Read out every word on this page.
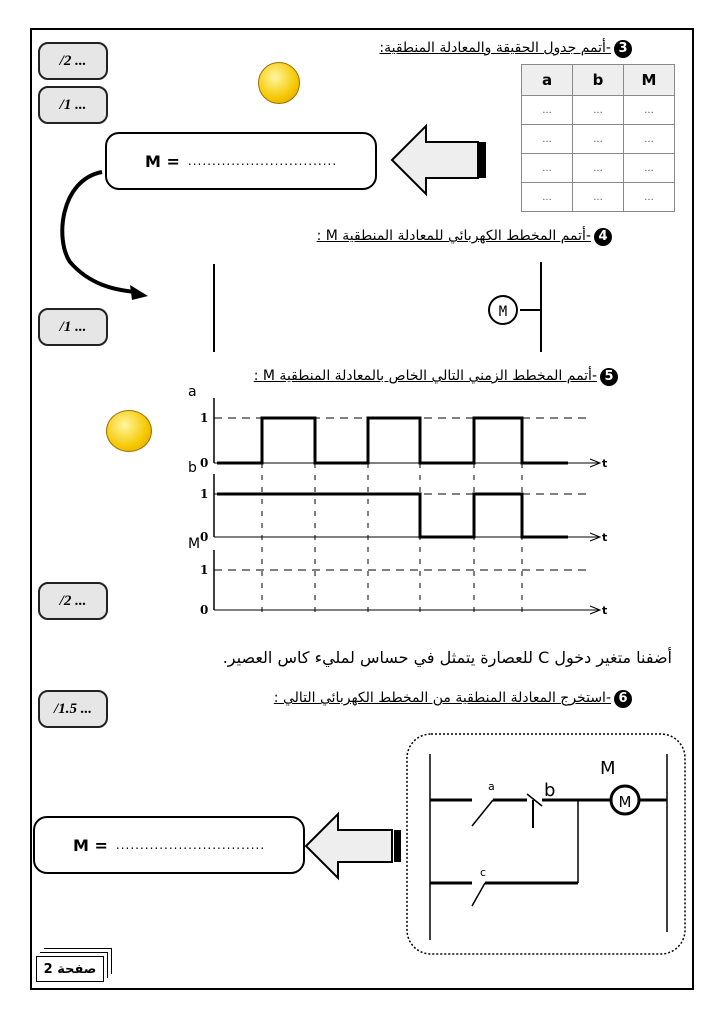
/2 ...
/1 ...
/1 ...
/2 ...
/1.5 ...
3-أتمم جدول الحقيقة والمعادلة المنطقية:
a	b	M
...	...	...
...	...	...
...	...	...
...	...	...
M = ...............................
M
a
1
0	t
b
1
0	t
M
1
0	t
a	b
c
M
M
4-أتمم المخطط الكهربائي للمعادلة المنطقية M :
5-أتمم المخطط الزمني التالي الخاص بالمعادلة المنطقية M :
أضفنا متغير دخول C للعصارة يتمثل في حساس لمليء كاس العصير.
6-استخرج المعادلة المنطقية من المخطط الكهربائي التالي :
M = ...............................
صفحة 2
